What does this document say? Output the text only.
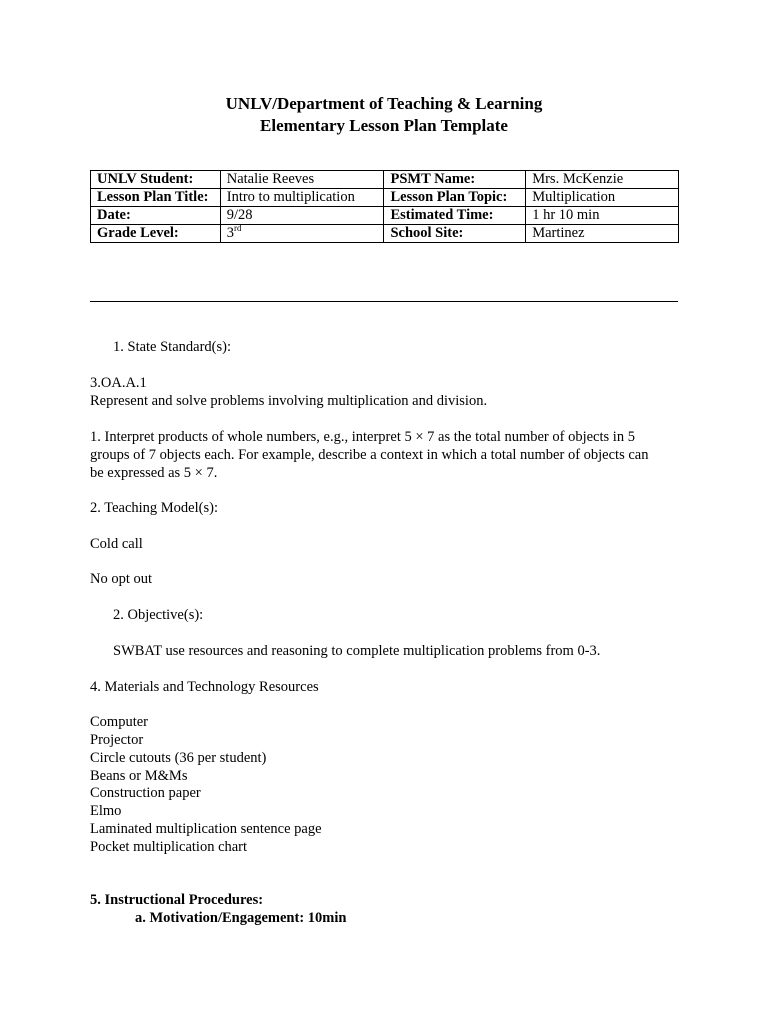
UNLV/Department of Teaching & Learning
Elementary Lesson Plan Template
UNLV Student:	Natalie Reeves	PSMT Name:	Mrs. McKenzie
Lesson Plan Title:	Intro to multiplication	Lesson Plan Topic:	Multiplication
Date:	9/28	Estimated Time:	1 hr 10 min
Grade Level:	3rd	School Site:	Martinez
1. State Standard(s):
3.OA.A.1
Represent and solve problems involving multiplication and division.
1. Interpret products of whole numbers, e.g., interpret 5 × 7 as the total number of objects in 5
groups of 7 objects each. For example, describe a context in which a total number of objects can
be expressed as 5 × 7.
2. Teaching Model(s):
Cold call
No opt out
2. Objective(s):
SWBAT use resources and reasoning to complete multiplication problems from 0-3.
4. Materials and Technology Resources
Computer
Projector
Circle cutouts (36 per student)
Beans or M&Ms
Construction paper
Elmo
Laminated multiplication sentence page
Pocket multiplication chart
5. Instructional Procedures:
a. Motivation/Engagement: 10min
